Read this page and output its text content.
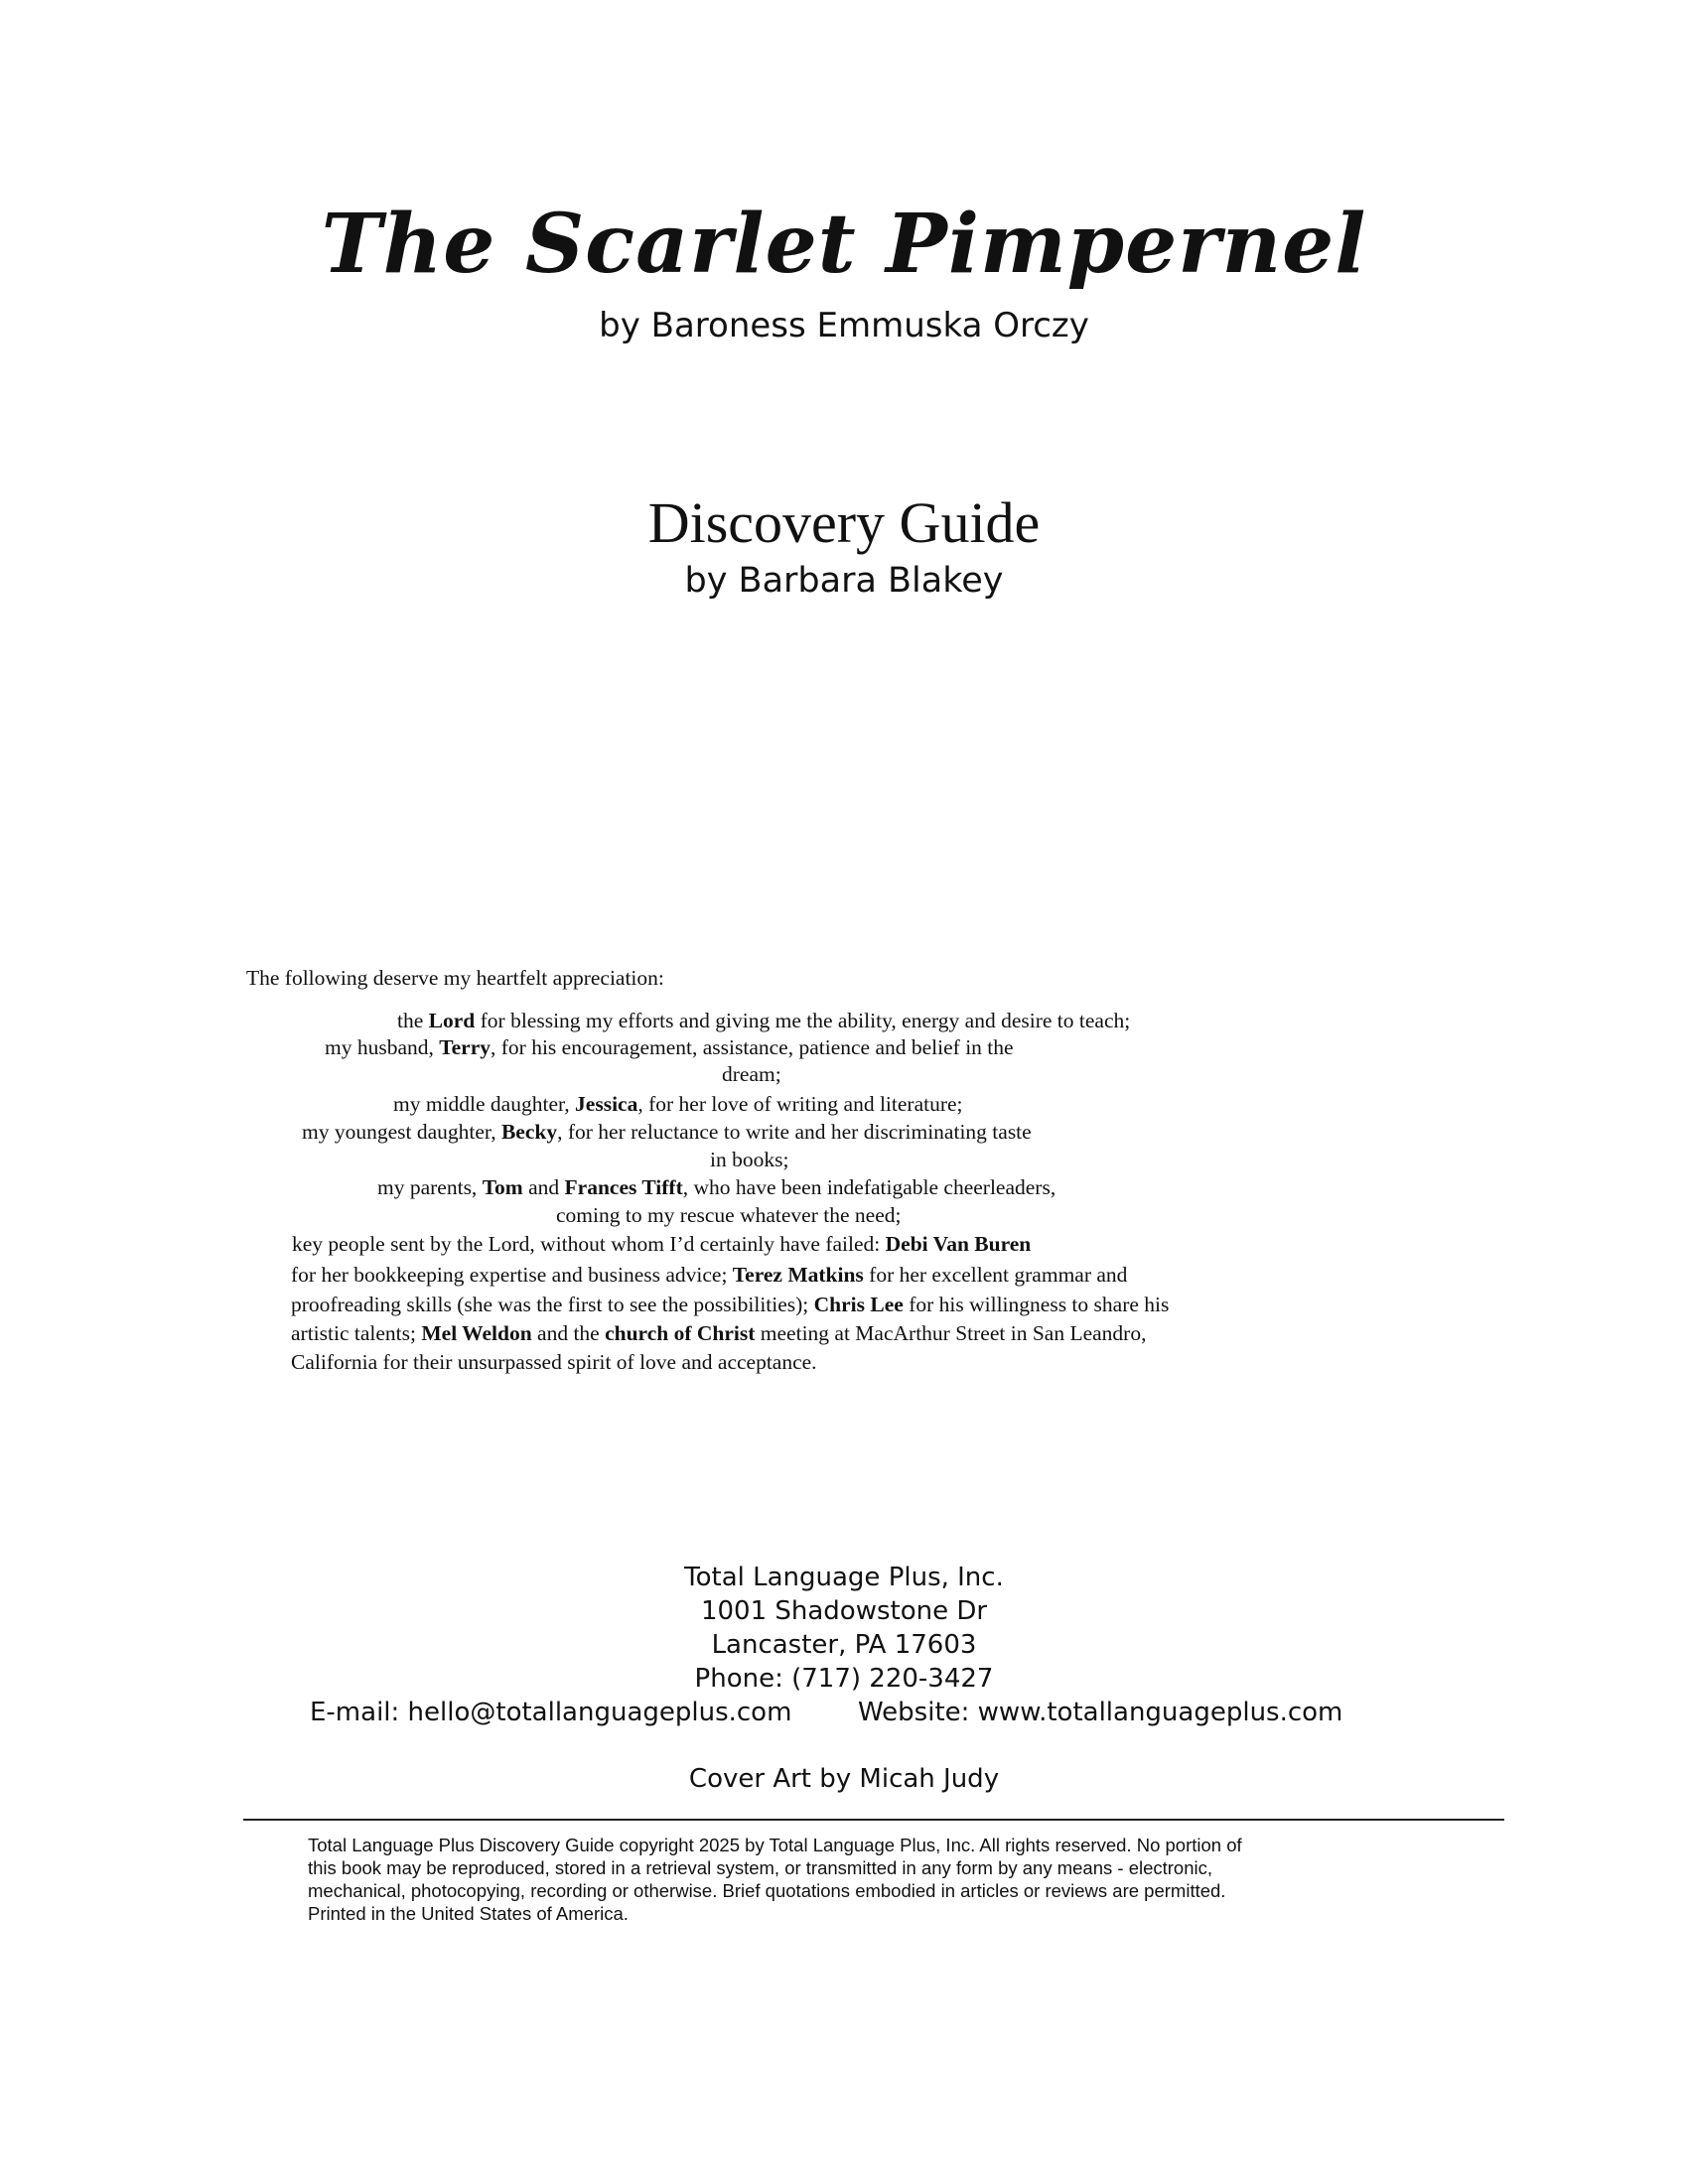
The Scarlet Pimpernel
by Baroness Emmuska Orczy
Discovery Guide
by Barbara Blakey
The following deserve my heartfelt appreciation:
the Lord for blessing my efforts and giving me the ability, energy and desire to teach;
my husband, Terry, for his encouragement, assistance, patience and belief in the
dream;
my middle daughter, Jessica, for her love of writing and literature;
my youngest daughter, Becky, for her reluctance to write and her discriminating taste
in books;
my parents, Tom and Frances Tifft, who have been indefatigable cheerleaders,
coming to my rescue whatever the need;
key people sent by the Lord, without whom I’d certainly have failed: Debi Van Buren
for her bookkeeping expertise and business advice; Terez Matkins for her excellent grammar and
proofreading skills (she was the first to see the possibilities); Chris Lee for his willingness to share his
artistic talents; Mel Weldon and the church of Christ meeting at MacArthur Street in San Leandro,
California for their unsurpassed spirit of love and acceptance.
Total Language Plus, Inc.
1001 Shadowstone Dr
Lancaster, PA 17603
Phone: (717) 220-3427
E-mail: hello@totallanguageplus.com	Website: www.totallanguageplus.com
Cover Art by Micah Judy
Total Language Plus Discovery Guide copyright 2025 by Total Language Plus, Inc. All rights reserved. No portion of
this book may be reproduced, stored in a retrieval system, or transmitted in any form by any means - electronic,
mechanical, photocopying, recording or otherwise. Brief quotations embodied in articles or reviews are permitted.
Printed in the United States of America.
